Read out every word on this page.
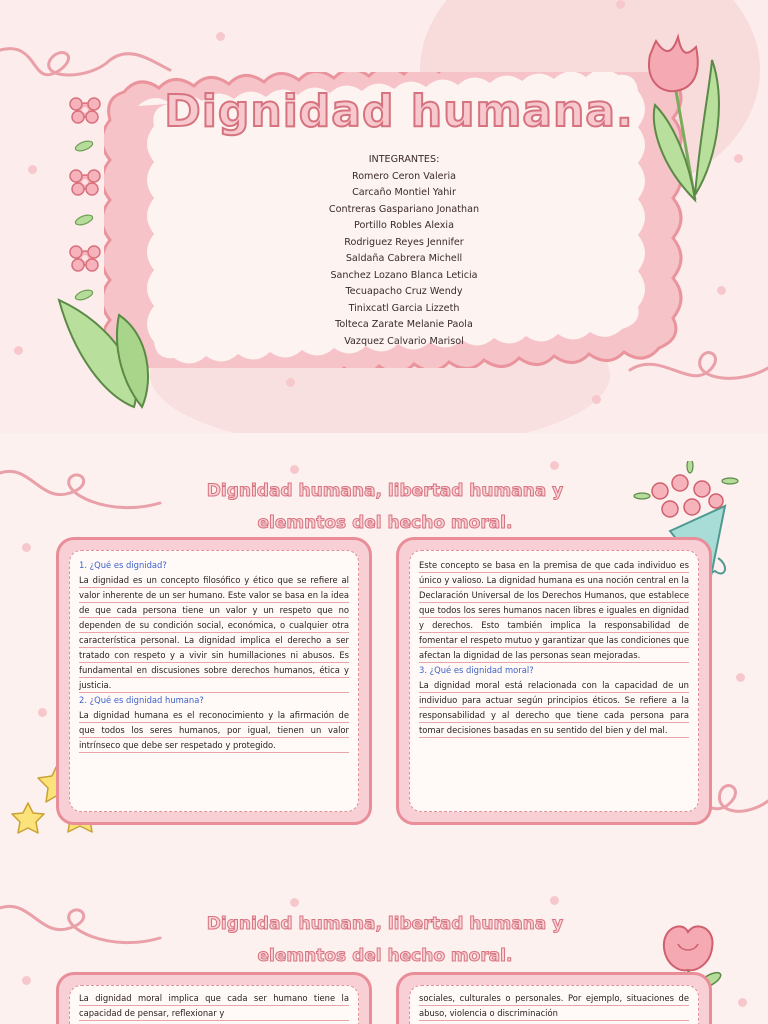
Dignidad humana.
INTEGRANTES:
Romero Ceron Valeria
Carcaño Montiel Yahir
Contreras Gaspariano Jonathan
Portillo Robles Alexia
Rodriguez Reyes Jennifer
Saldaña Cabrera Michell
Sanchez Lozano Blanca Leticia
Tecuapacho Cruz Wendy
Tinixcatl Garcia Lizzeth
Tolteca Zarate Melanie Paola
Vazquez Calvario Marisol
Dignidad humana, libertad humana y
elemntos del hecho moral.

1. ¿Qué es dignidad?

La dignidad es un concepto filosófico y ético que se refiere al valor inherente de un ser humano. Este valor se basa en la idea de que cada persona tiene un valor y un respeto que no dependen de su condición social, económica, o cualquier otra característica personal. La dignidad implica el derecho a ser tratado con respeto y a vivir sin humillaciones ni abusos. Es fundamental en discusiones sobre derechos humanos, ética y justicia.

2. ¿Qué es dignidad humana?

La dignidad humana es el reconocimiento y la afirmación de que todos los seres humanos, por igual, tienen un valor intrínseco que debe ser respetado y protegido.

Este concepto se basa en la premisa de que cada individuo es único y valioso. La dignidad humana es una noción central en la Declaración Universal de los Derechos Humanos, que establece que todos los seres humanos nacen libres e iguales en dignidad y derechos. Esto también implica la responsabilidad de fomentar el respeto mutuo y garantizar que las condiciones que afectan la dignidad de las personas sean mejoradas.

3. ¿Qué es dignidad moral?

La dignidad moral está relacionada con la capacidad de un individuo para actuar según principios éticos. Se refiere a la responsabilidad y al derecho que tiene cada persona para tomar decisiones basadas en su sentido del bien y del mal.

Dignidad humana, libertad humana y
elemntos del hecho moral.

La dignidad moral implica que cada ser humano tiene la capacidad de pensar, reflexionar y

sociales, culturales o personales. Por ejemplo, situaciones de abuso, violencia o discriminación
